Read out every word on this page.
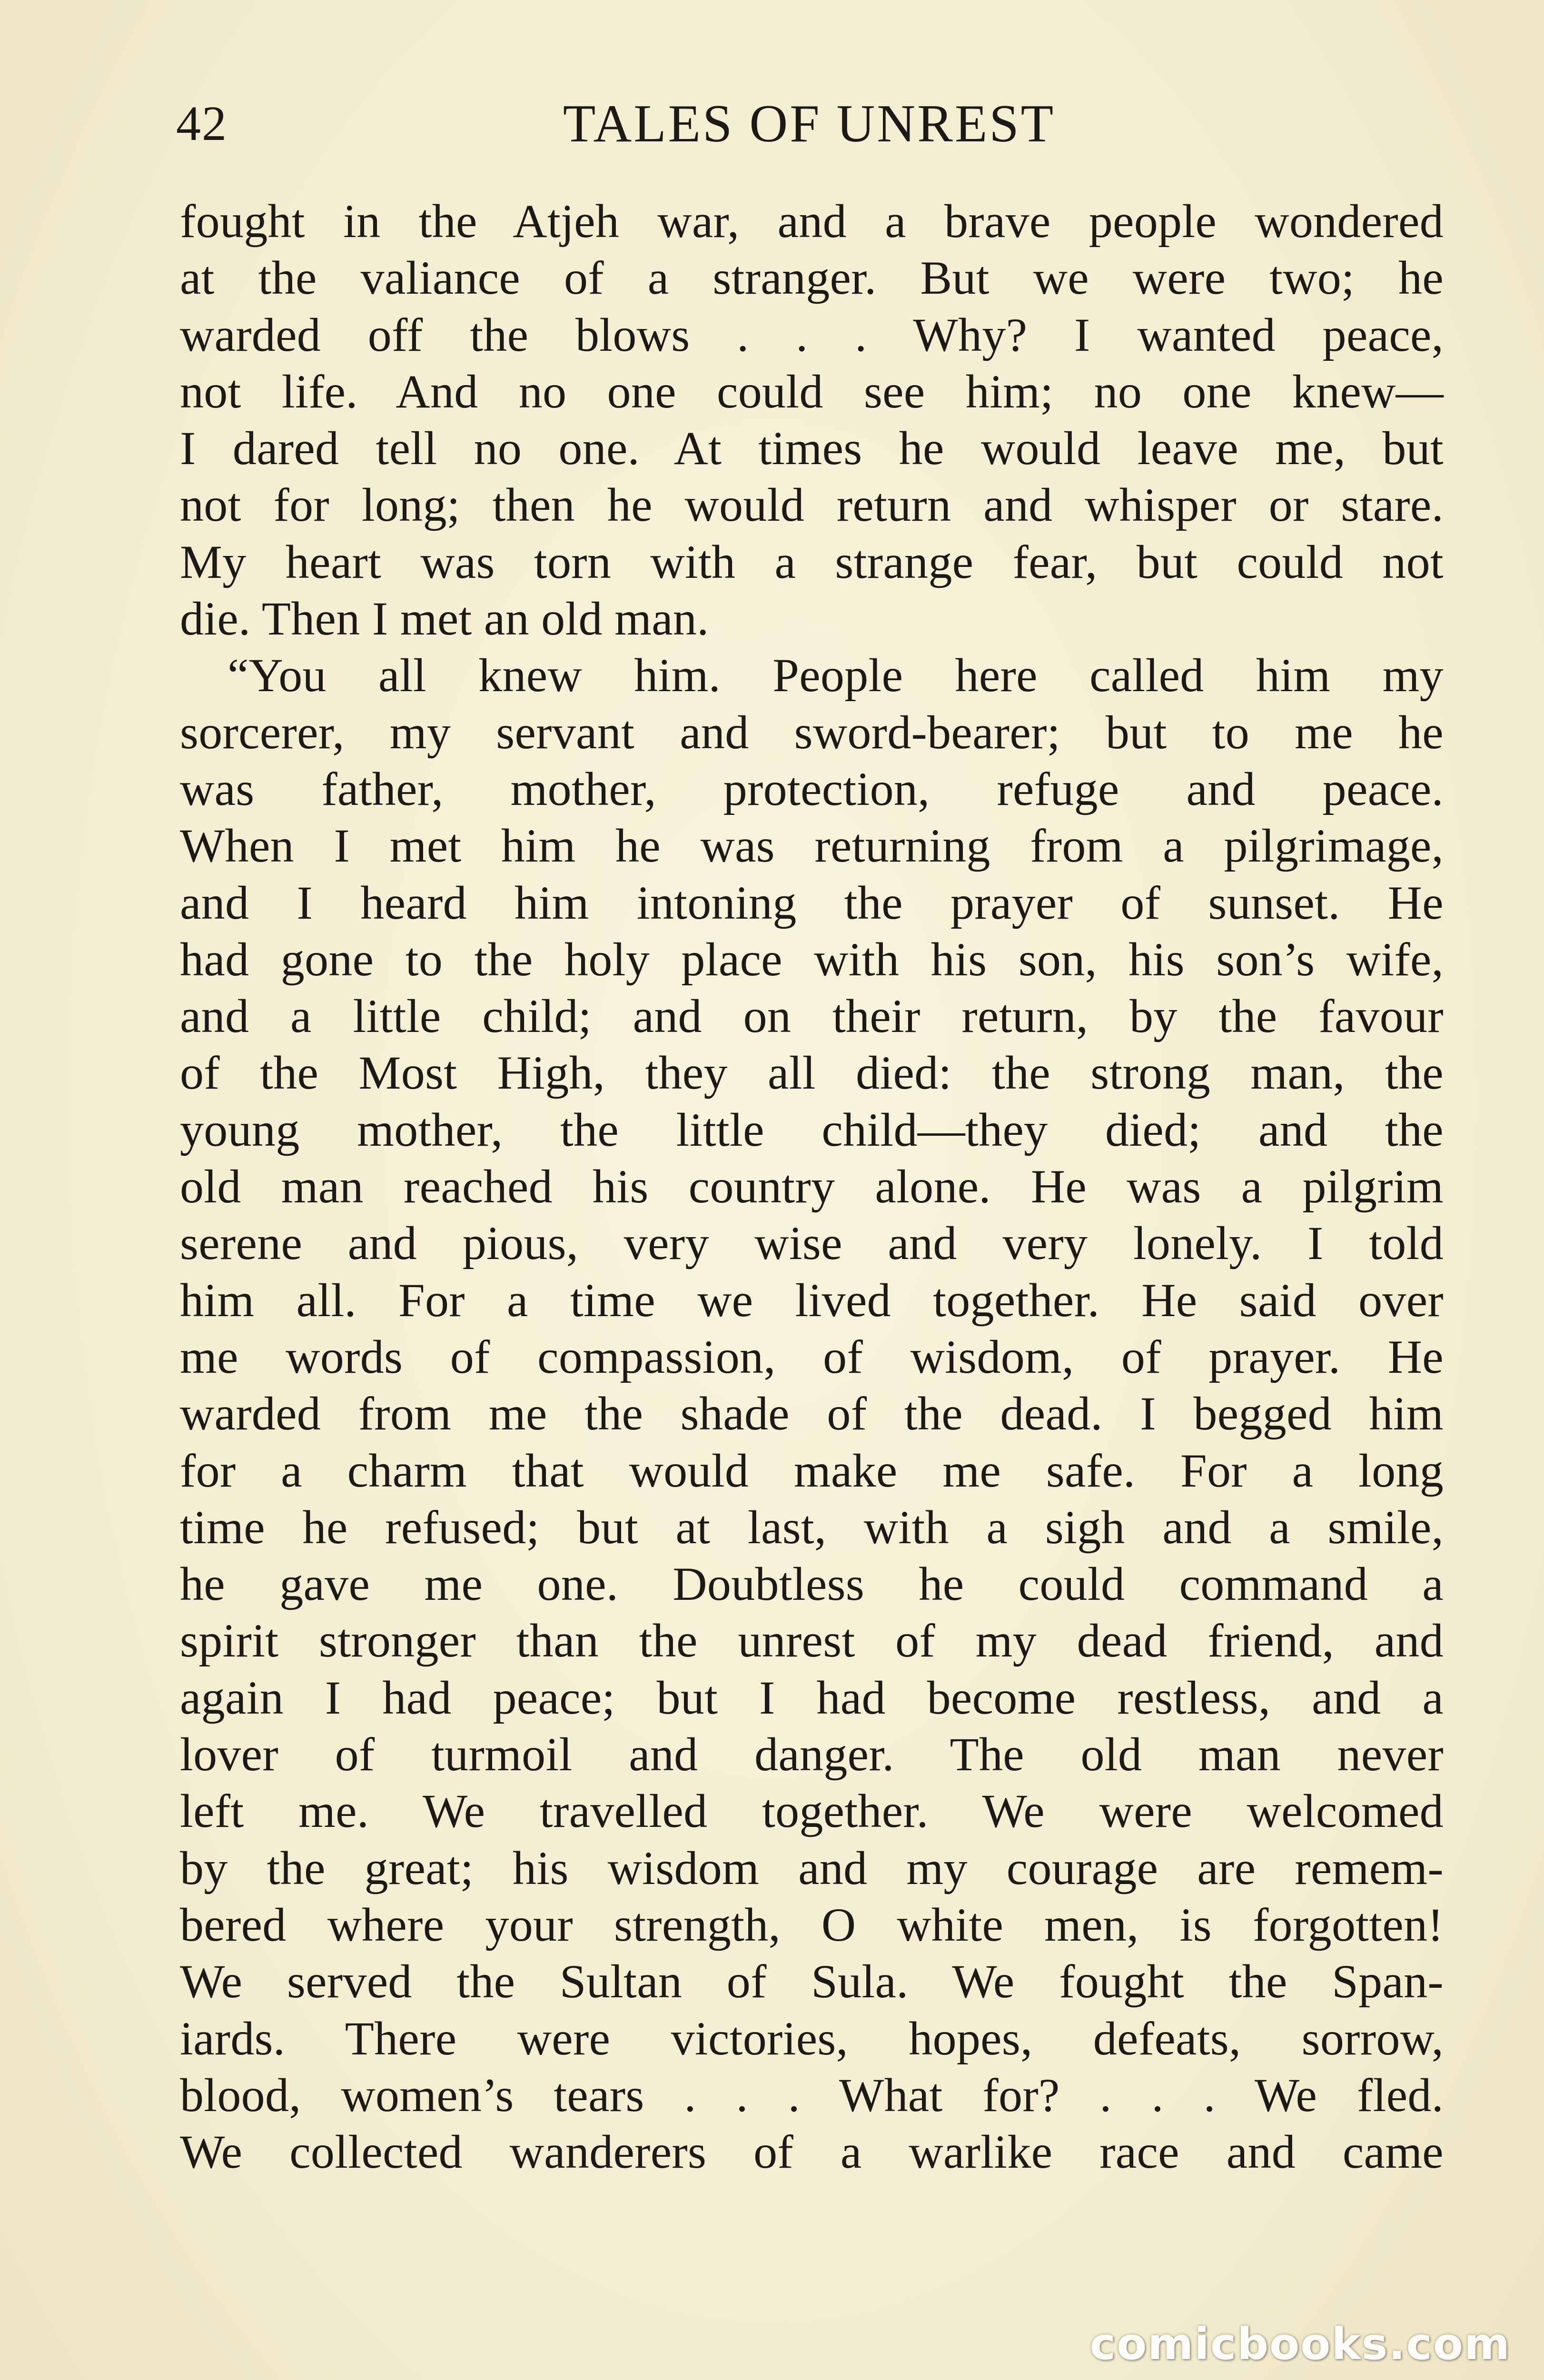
42	TALES OF UNREST
fought in the Atjeh war, and a brave people wondered
at the valiance of a stranger. But we were two; he
warded off the blows . . . Why? I wanted peace,
not life. And no one could see him; no one knew—
I dared tell no one. At times he would leave me, but
not for long; then he would return and whisper or stare.
My heart was torn with a strange fear, but could not
die. Then I met an old man.
“You all knew him. People here called him my
sorcerer, my servant and sword-bearer; but to me he
was father, mother, protection, refuge and peace.
When I met him he was returning from a pilgrimage,
and I heard him intoning the prayer of sunset. He
had gone to the holy place with his son, his son’s wife,
and a little child; and on their return, by the favour
of the Most High, they all died: the strong man, the
young mother, the little child—they died; and the
old man reached his country alone. He was a pilgrim
serene and pious, very wise and very lonely. I told
him all. For a time we lived together. He said over
me words of compassion, of wisdom, of prayer. He
warded from me the shade of the dead. I begged him
for a charm that would make me safe. For a long
time he refused; but at last, with a sigh and a smile,
he gave me one. Doubtless he could command a
spirit stronger than the unrest of my dead friend, and
again I had peace; but I had become restless, and a
lover of turmoil and danger. The old man never
left me. We travelled together. We were welcomed
by the great; his wisdom and my courage are remem-
bered where your strength, O white men, is forgotten!
We served the Sultan of Sula. We fought the Span-
iards. There were victories, hopes, defeats, sorrow,
blood, women’s tears . . . What for? . . . We fled.
We collected wanderers of a warlike race and came
comicbooks.com
